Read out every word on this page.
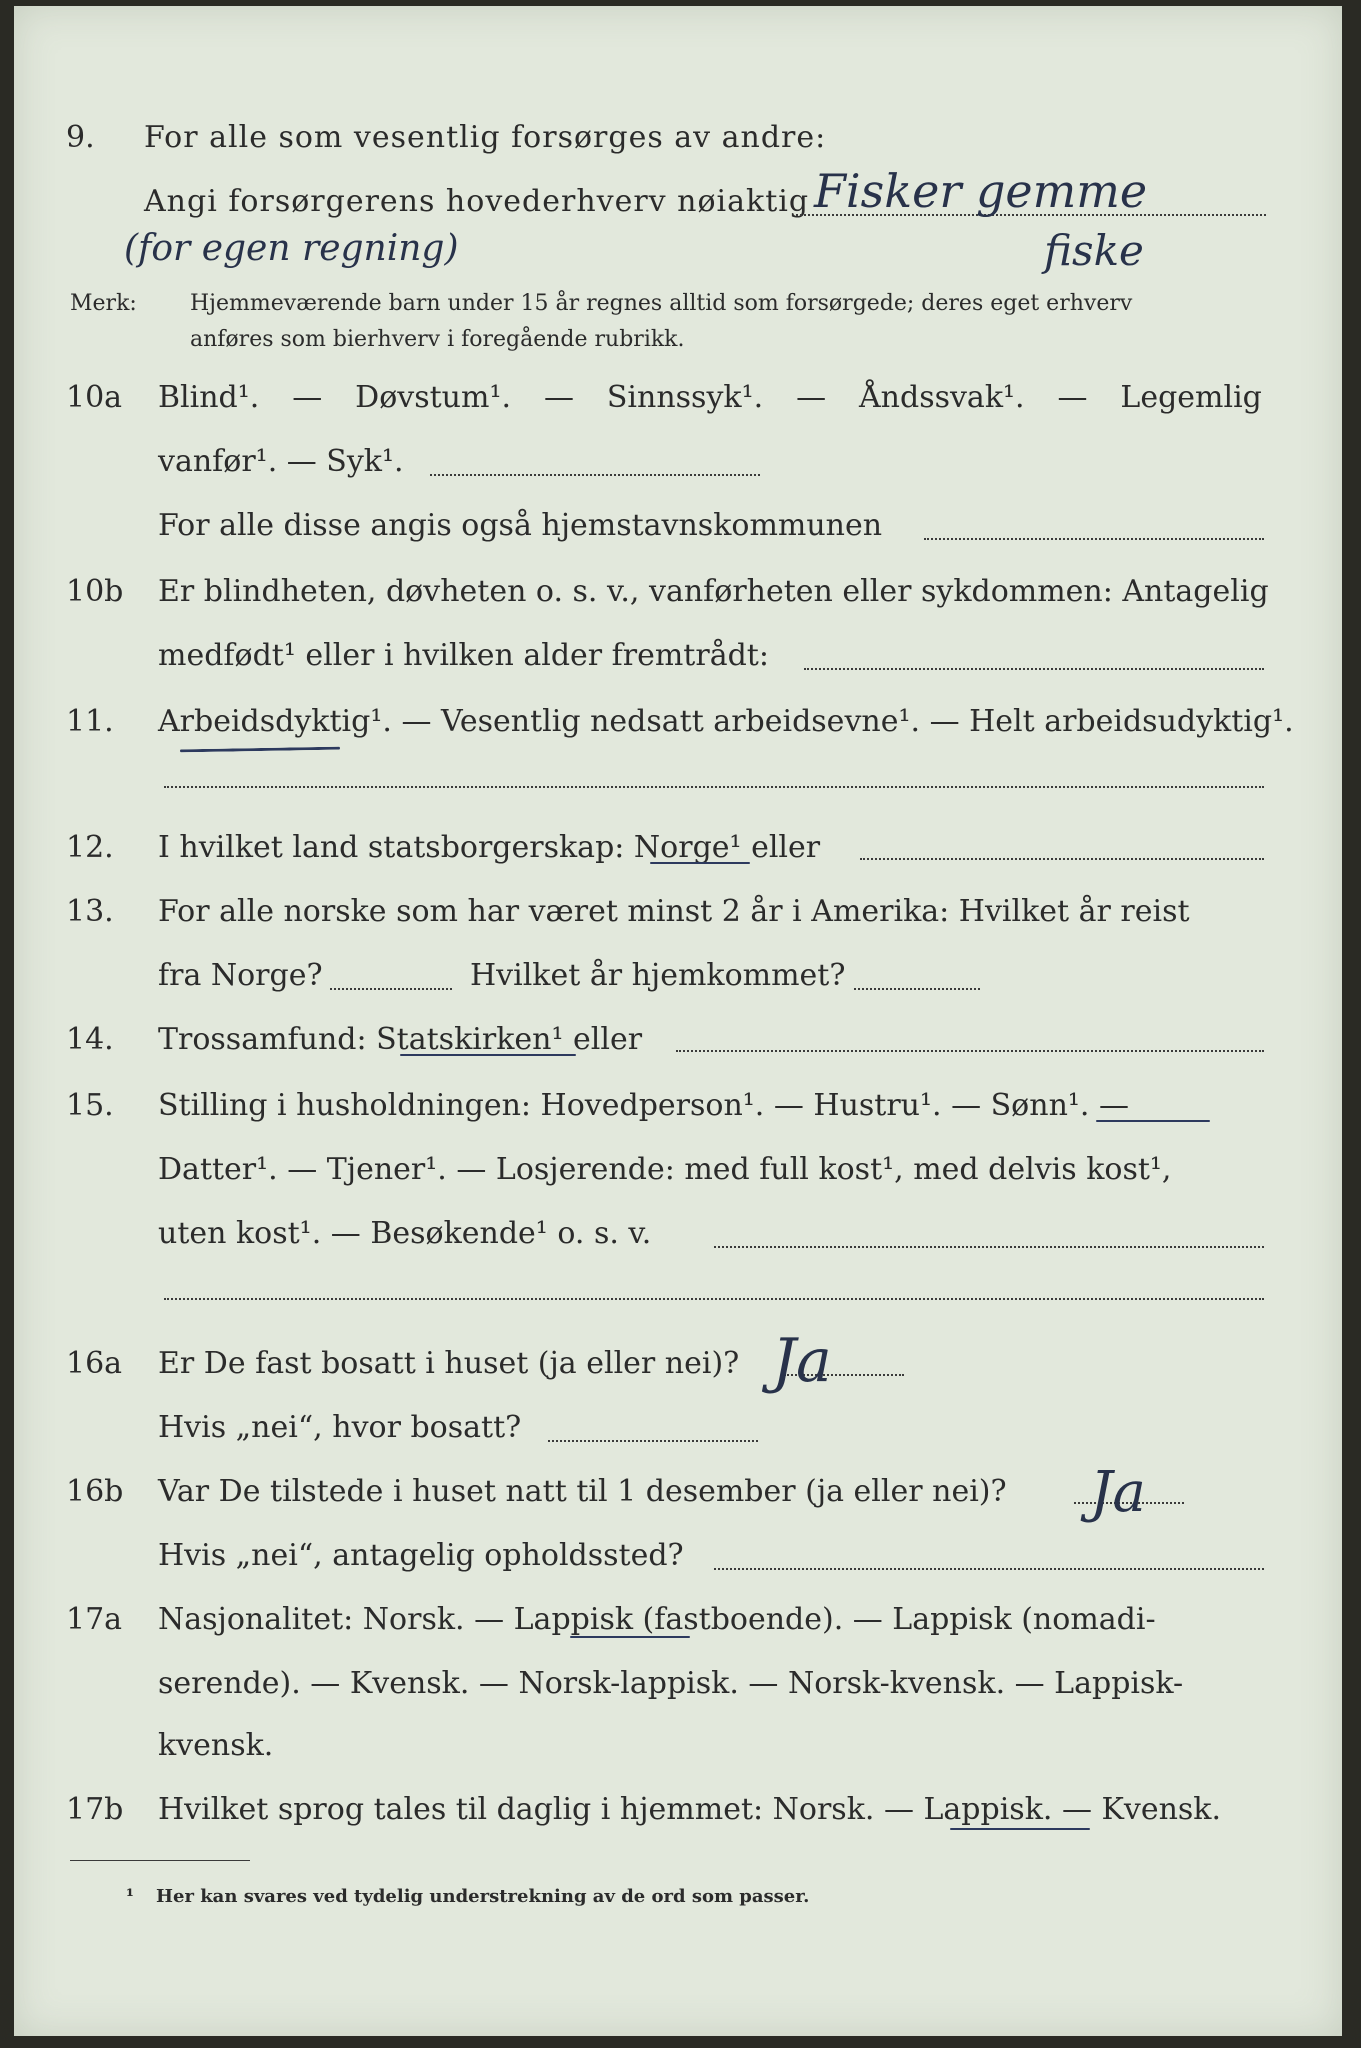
9. For alle som vesentlig forsørges av andre:
Angi forsørgerens hovederhverv nøiaktig Fisker gemme
(for egen regning)	fiske
Merk: Hjemmeværende barn under 15 år regnes alltid som forsørgede; deres eget erhverv
anføres som bierhverv i foregående rubrikk.
10a Blind¹. — Døvstum¹. — Sinnssyk¹. — Åndssvak¹. — Legemlig
vanfør¹. — Syk¹.
For alle disse angis også hjemstavnskommunen
10b Er blindheten, døvheten o. s. v., vanførheten eller sykdommen: Antagelig
medfødt¹ eller i hvilken alder fremtrådt:
11. Arbeidsdyktig¹. — Vesentlig nedsatt arbeidsevne¹. — Helt arbeidsudyktig¹.
12. I hvilket land statsborgerskap: Norge¹ eller
13. For alle norske som har været minst 2 år i Amerika: Hvilket år reist
fra Norge?	Hvilket år hjemkommet?
14. Trossamfund: Statskirken¹ eller
15. Stilling i husholdningen: Hovedperson¹. — Hustru¹. — Sønn¹. —
Datter¹. — Tjener¹. — Losjerende: med full kost¹, med delvis kost¹,
uten kost¹. — Besøkende¹ o. s. v.
16a Er De fast bosatt i huset (ja eller nei)? Ja
Hvis „nei“, hvor bosatt?
16b Var De tilstede i huset natt til 1 desember (ja eller nei)? Ja
Hvis „nei“, antagelig opholdssted?
17a Nasjonalitet: Norsk. — Lappisk (fastboende). — Lappisk (nomadi-
serende). — Kvensk. — Norsk-lappisk. — Norsk-kvensk. — Lappisk-
kvensk.
17b Hvilket sprog tales til daglig i hjemmet: Norsk. — Lappisk. — Kvensk.
¹ Her kan svares ved tydelig understrekning av de ord som passer.
